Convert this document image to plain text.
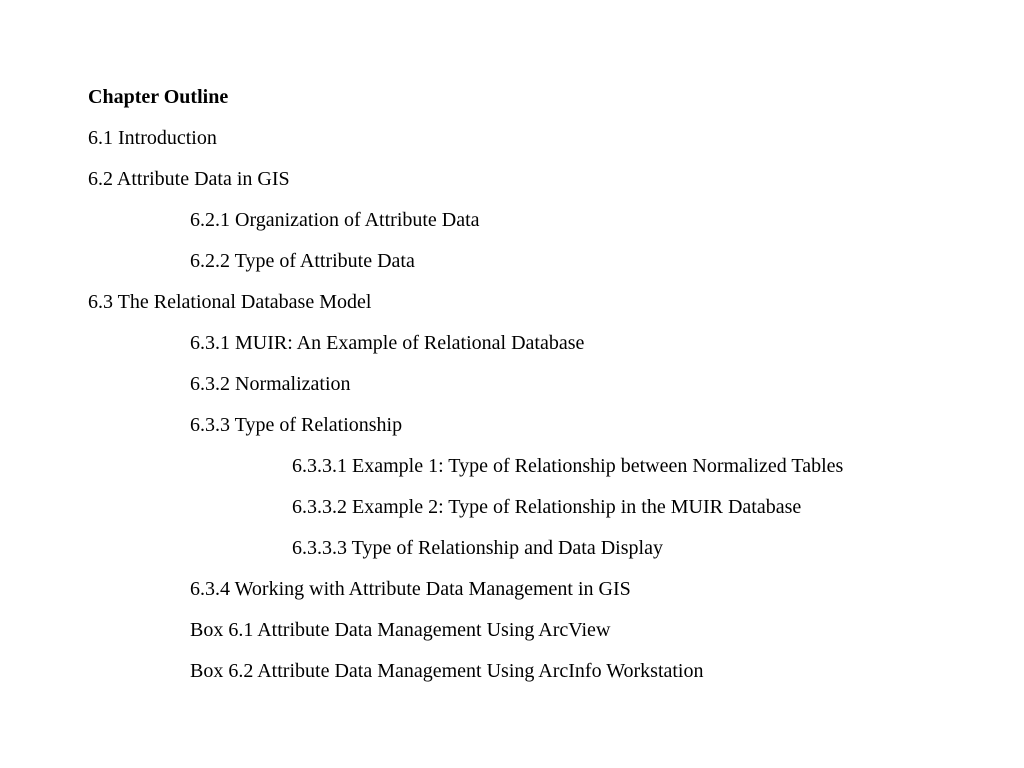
Chapter Outline
6.1 Introduction
6.2 Attribute Data in GIS
6.2.1 Organization of Attribute Data
6.2.2 Type of Attribute Data
6.3 The Relational Database Model
6.3.1 MUIR: An Example of Relational Database
6.3.2 Normalization
6.3.3 Type of Relationship
6.3.3.1 Example 1: Type of Relationship between Normalized Tables
6.3.3.2 Example 2: Type of Relationship in the MUIR Database
6.3.3.3 Type of Relationship and Data Display
6.3.4 Working with Attribute Data Management in GIS
Box 6.1 Attribute Data Management Using ArcView
Box 6.2 Attribute Data Management Using ArcInfo Workstation
